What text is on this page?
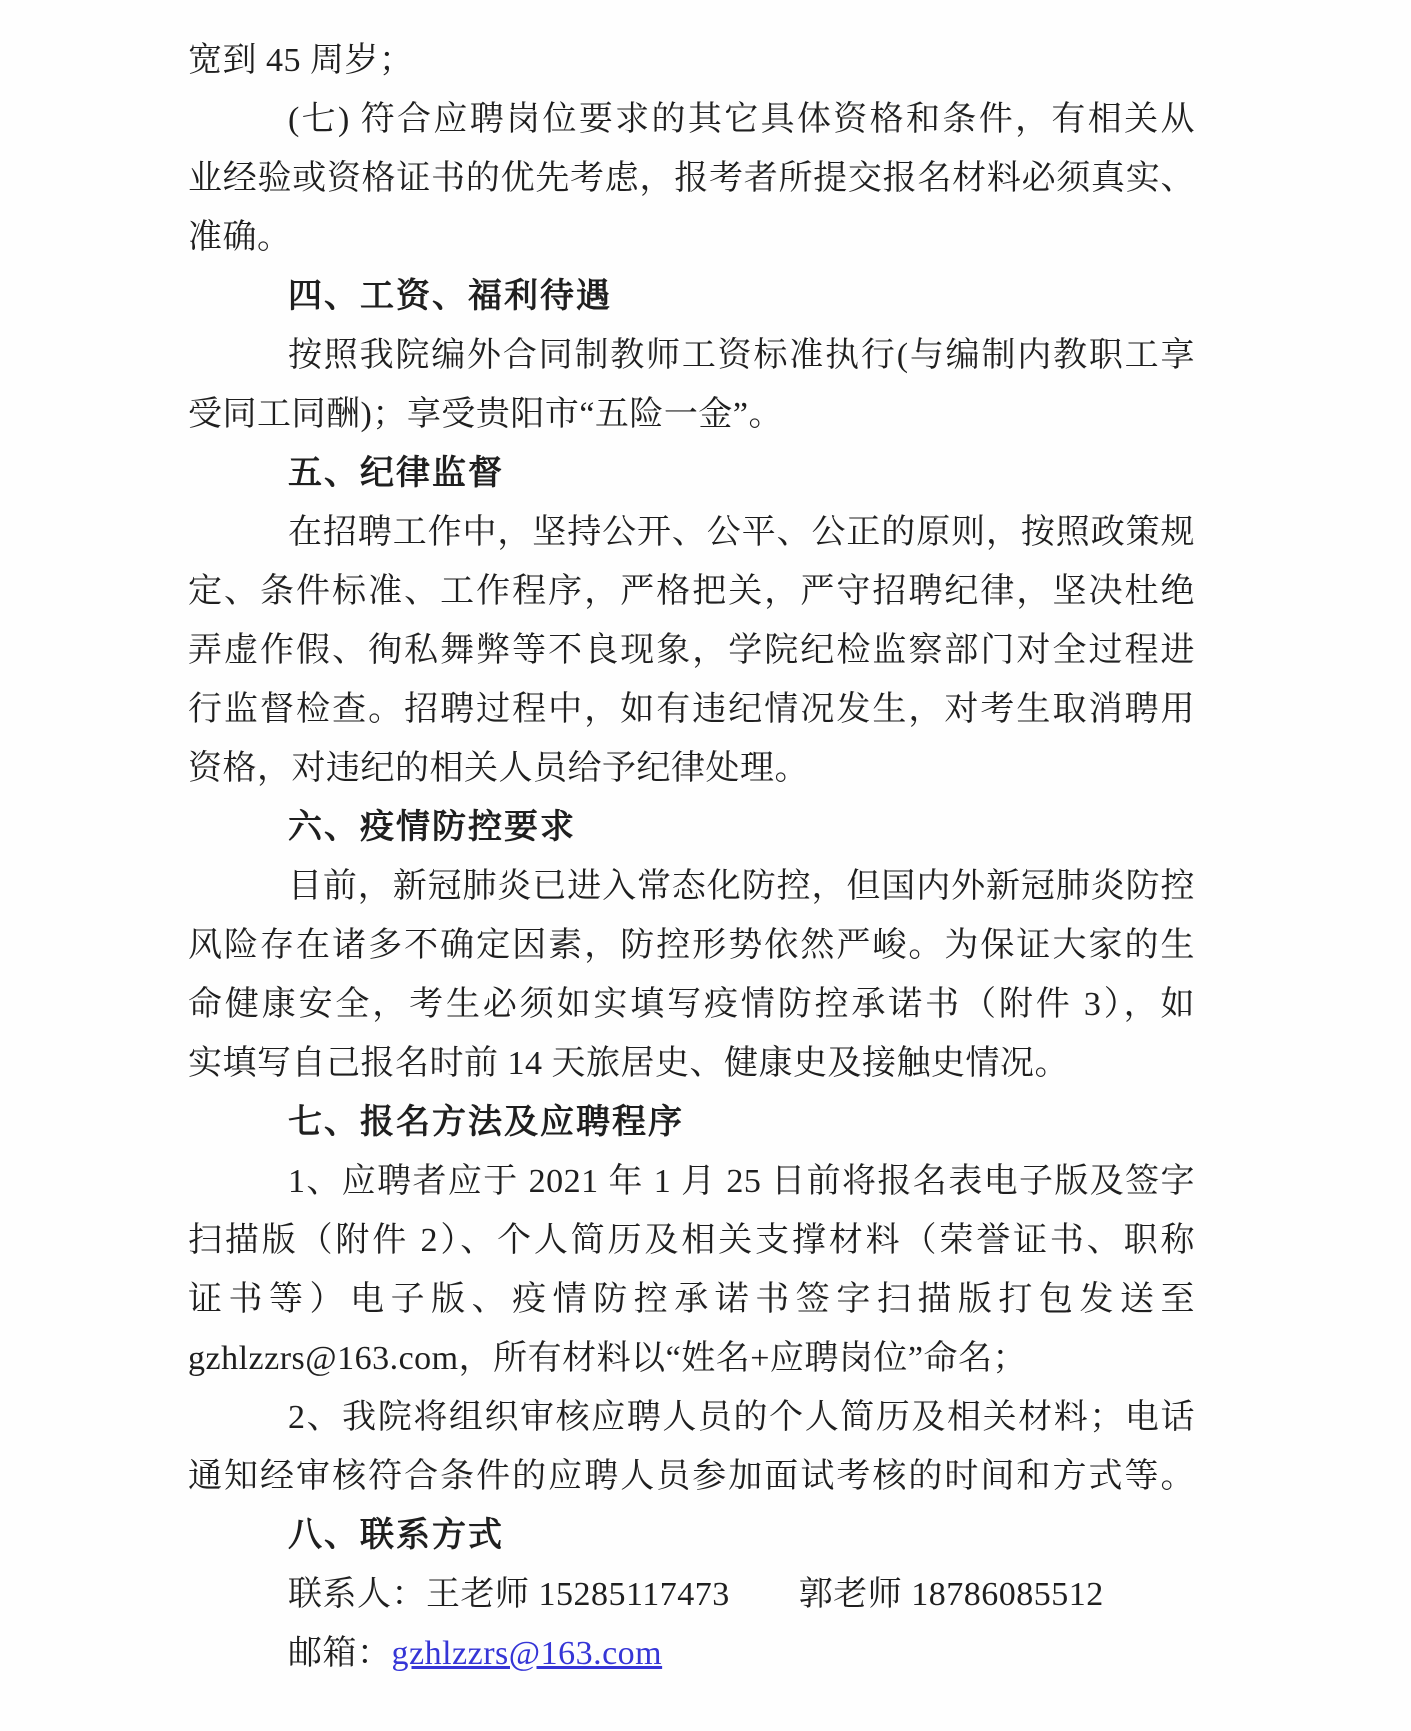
宽到 45 周岁；
(七) 符合应聘岗位要求的其它具体资格和条件，有相关从
业经验或资格证书的优先考虑，报考者所提交报名材料必须真实、
准确。
四、工资、福利待遇
按照我院编外合同制教师工资标准执行(与编制内教职工享
受同工同酬)；享受贵阳市“五险一金”。
五、纪律监督
在招聘工作中，坚持公开、公平、公正的原则，按照政策规
定、条件标准、工作程序，严格把关，严守招聘纪律，坚决杜绝
弄虚作假、徇私舞弊等不良现象，学院纪检监察部门对全过程进
行监督检查。招聘过程中，如有违纪情况发生，对考生取消聘用
资格，对违纪的相关人员给予纪律处理。
六、疫情防控要求
目前，新冠肺炎已进入常态化防控，但国内外新冠肺炎防控
风险存在诸多不确定因素，防控形势依然严峻。为保证大家的生
命健康安全，考生必须如实填写疫情防控承诺书（附件 3），如
实填写自己报名时前 14 天旅居史、健康史及接触史情况。
七、报名方法及应聘程序
1、应聘者应于 2021 年 1 月 25 日前将报名表电子版及签字
扫描版（附件 2）、个人简历及相关支撑材料（荣誉证书、职称
证书等）电子版、疫情防控承诺书签字扫描版打包发送至
gzhlzzrs@163.com，所有材料以“姓名+应聘岗位”命名；
2、我院将组织审核应聘人员的个人简历及相关材料；电话
通知经审核符合条件的应聘人员参加面试考核的时间和方式等。
八、联系方式
联系人：王老师 15285117473　　郭老师 18786085512
邮箱：gzhlzzrs@163.com
